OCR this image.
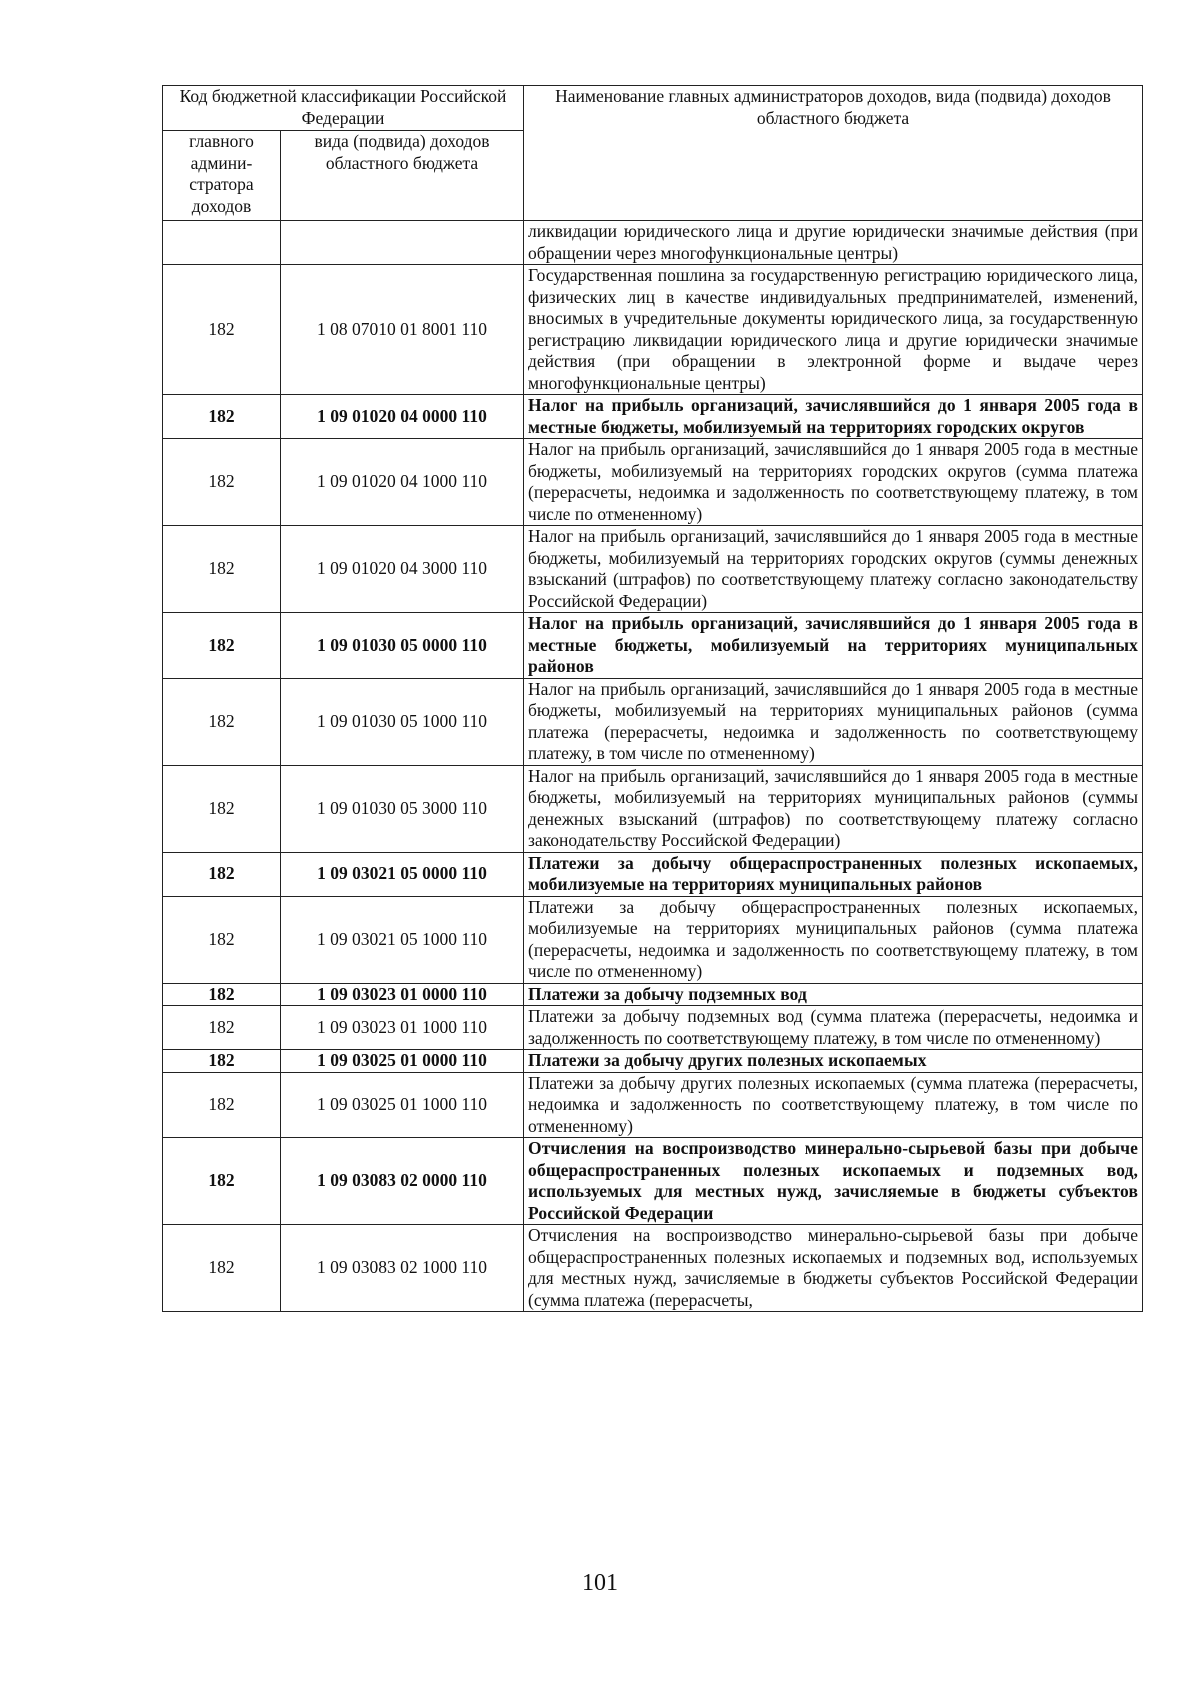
Код бюджетной классификации Российской Федерации		Наименование главных администраторов доходов, вида (подвида) доходов областного бюджета
главного админи-стратора доходов	вида (подвида) доходов областного бюджета	
		ликвидации юридического лица и другие юридически значимые действия (при обращении через многофункциональные центры)
182	1 08 07010 01 8001 110	Государственная пошлина за государственную регистрацию юридического лица, физических лиц в качестве индивидуальных предпринимателей, изменений, вносимых в учредительные документы юридического лица, за государственную регистрацию ликвидации юридического лица и другие юридически значимые действия (при обращении в электронной форме и выдаче через многофункциональные центры)
182	1 09 01020 04 0000 110	Налог на прибыль организаций, зачислявшийся до 1 января 2005 года в местные бюджеты, мобилизуемый на территориях городских округов
182	1 09 01020 04 1000 110	Налог на прибыль организаций, зачислявшийся до 1 января 2005 года в местные бюджеты, мобилизуемый на территориях городских округов (сумма платежа (перерасчеты, недоимка и задолженность по соответствующему платежу, в том числе по отмененному)
182	1 09 01020 04 3000 110	Налог на прибыль организаций, зачислявшийся до 1 января 2005 года в местные бюджеты, мобилизуемый на территориях городских округов (суммы денежных взысканий (штрафов) по соответствующему платежу согласно законодательству Российской Федерации)
182	1 09 01030 05 0000 110	Налог на прибыль организаций, зачислявшийся до 1 января 2005 года в местные бюджеты, мобилизуемый на территориях муниципальных районов
182	1 09 01030 05 1000 110	Налог на прибыль организаций, зачислявшийся до 1 января 2005 года в местные бюджеты, мобилизуемый на территориях муниципальных районов (сумма платежа (перерасчеты, недоимка и задолженность по соответствующему платежу, в том числе по отмененному)
182	1 09 01030 05 3000 110	Налог на прибыль организаций, зачислявшийся до 1 января 2005 года в местные бюджеты, мобилизуемый на территориях муниципальных районов (суммы денежных взысканий (штрафов) по соответствующему платежу согласно законодательству Российской Федерации)
182	1 09 03021 05 0000 110	Платежи за добычу общераспространенных полезных ископаемых, мобилизуемые на территориях муниципальных районов
182	1 09 03021 05 1000 110	Платежи за добычу общераспространенных полезных ископаемых, мобилизуемые на территориях муниципальных районов (сумма платежа (перерасчеты, недоимка и задолженность по соответствующему платежу, в том числе по отмененному)
182	1 09 03023 01 0000 110	Платежи за добычу подземных вод
182	1 09 03023 01 1000 110	Платежи за добычу подземных вод (сумма платежа (перерасчеты, недоимка и задолженность по соответствующему платежу, в том числе по отмененному)
182	1 09 03025 01 0000 110	Платежи за добычу других полезных ископаемых
182	1 09 03025 01 1000 110	Платежи за добычу других полезных ископаемых (сумма платежа (перерасчеты, недоимка и задолженность по соответствующему платежу, в том числе по отмененному)
182	1 09 03083 02 0000 110	Отчисления на воспроизводство минерально-сырьевой базы при добыче общераспространенных полезных ископаемых и подземных вод, используемых для местных нужд, зачисляемые в бюджеты субъектов Российской Федерации
182	1 09 03083 02 1000 110	Отчисления на воспроизводство минерально-сырьевой базы при добыче общераспространенных полезных ископаемых и подземных вод, используемых для местных нужд, зачисляемые в бюджеты субъектов Российской Федерации (сумма платежа (перерасчеты,
101
